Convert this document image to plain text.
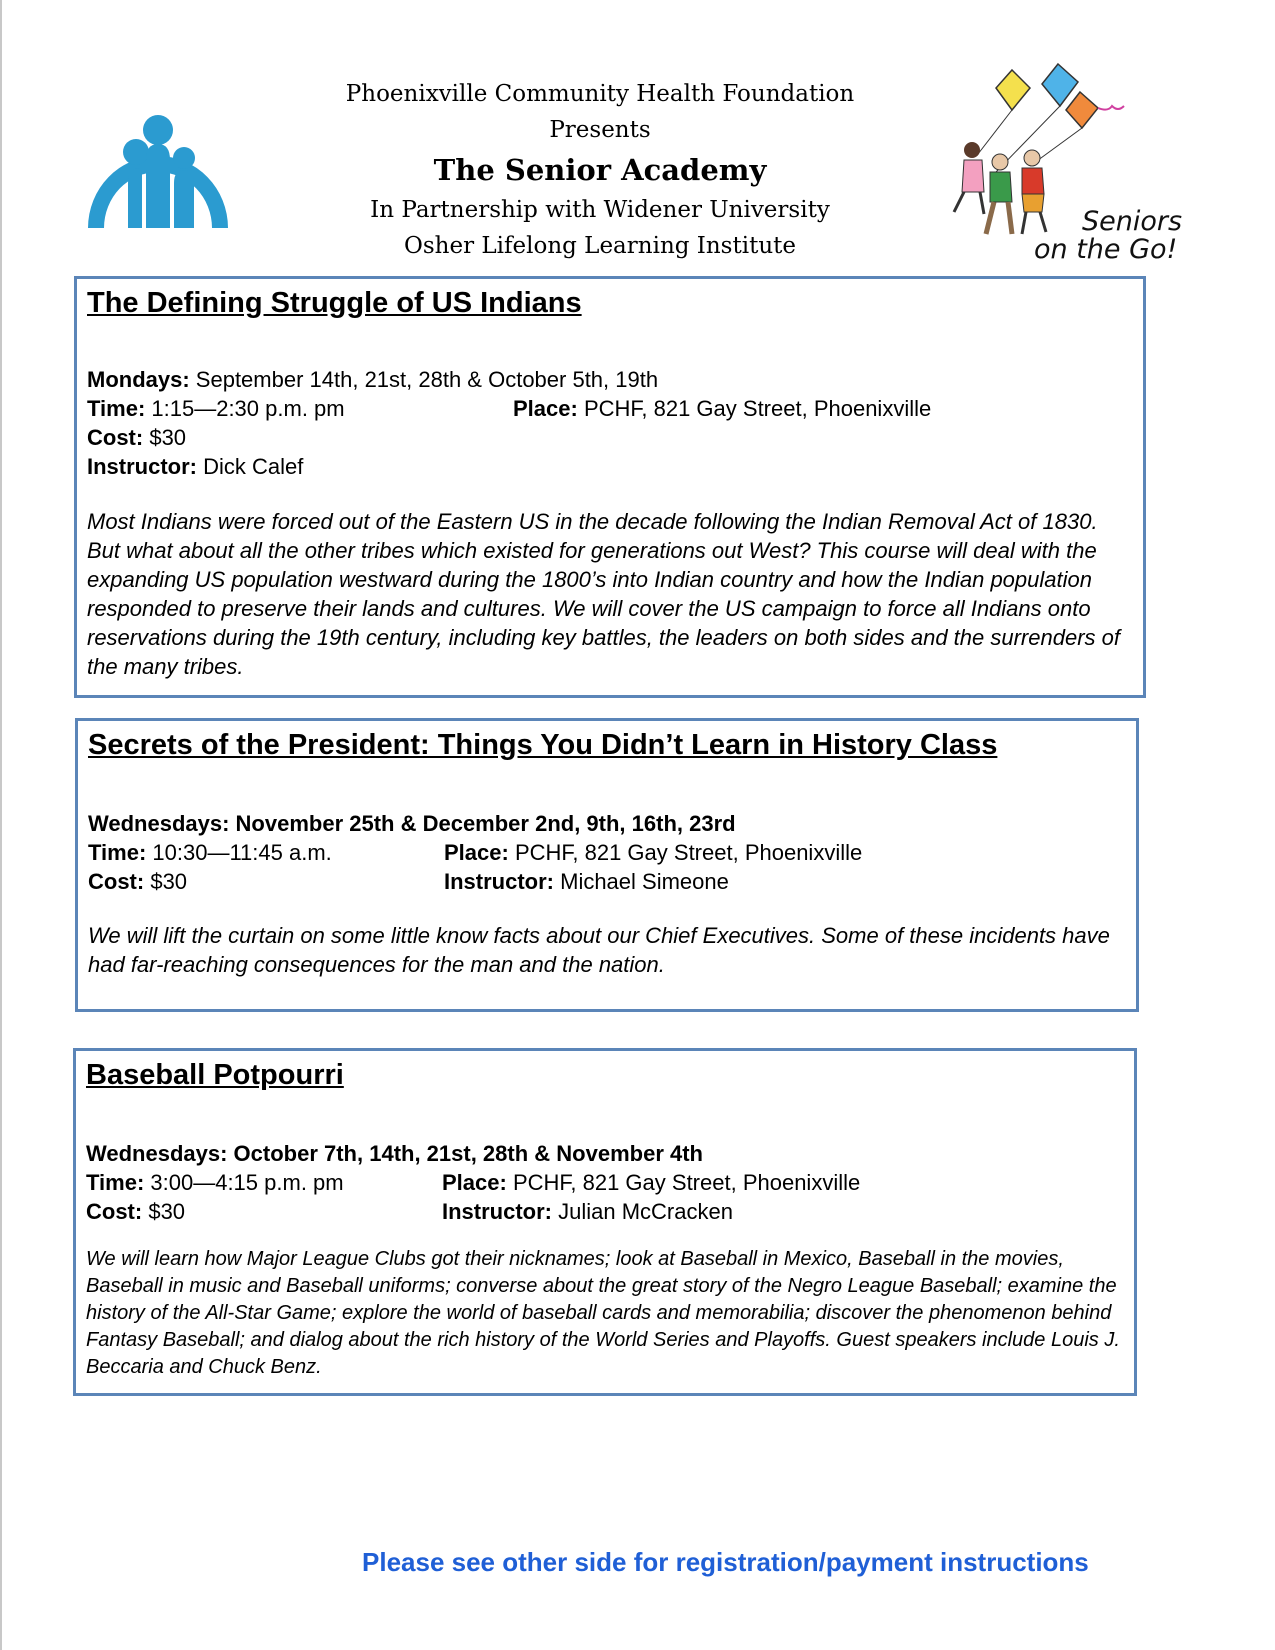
Phoenixville Community Health Foundation
Presents
The Senior Academy
In Partnership with Widener University
Osher Lifelong Learning Institute
Seniors
on the Go!
The Defining Struggle of US Indians
Mondays: September 14th, 21st, 28th & October 5th, 19th
Time: 1:15—2:30 p.m. pm	Place: PCHF, 821 Gay Street, Phoenixville
Cost: $30
Instructor: Dick Calef
Most Indians were forced out of the Eastern US in the decade following the Indian Removal Act of 1830. But what about all the other tribes which existed for generations out West? This course will deal with the expanding US population westward during the 1800’s into Indian country and how the Indian population responded to preserve their lands and cultures. We will cover the US campaign to force all Indians onto reservations during the 19th century, including key battles, the leaders on both sides and the surrenders of the many tribes.
Secrets of the President: Things You Didn’t Learn in History Class
Wednesdays: November 25th & December 2nd, 9th, 16th, 23rd
Time: 10:30—11:45 a.m.	Place: PCHF, 821 Gay Street, Phoenixville
Cost: $30	Instructor: Michael Simeone
We will lift the curtain on some little know facts about our Chief Executives. Some of these incidents have had far-reaching consequences for the man and the nation.
Baseball Potpourri
Wednesdays: October 7th, 14th, 21st, 28th & November 4th
Time: 3:00—4:15 p.m. pm	Place: PCHF, 821 Gay Street, Phoenixville
Cost: $30	Instructor: Julian McCracken
We will learn how Major League Clubs got their nicknames; look at Baseball in Mexico, Baseball in the movies, Baseball in music and Baseball uniforms; converse about the great story of the Negro League Baseball; examine the history of the All-Star Game; explore the world of baseball cards and memorabilia; discover the phenomenon behind Fantasy Baseball; and dialog about the rich history of the World Series and Playoffs. Guest speakers include Louis J. Beccaria and Chuck Benz.
Please see other side for registration/payment instructions
